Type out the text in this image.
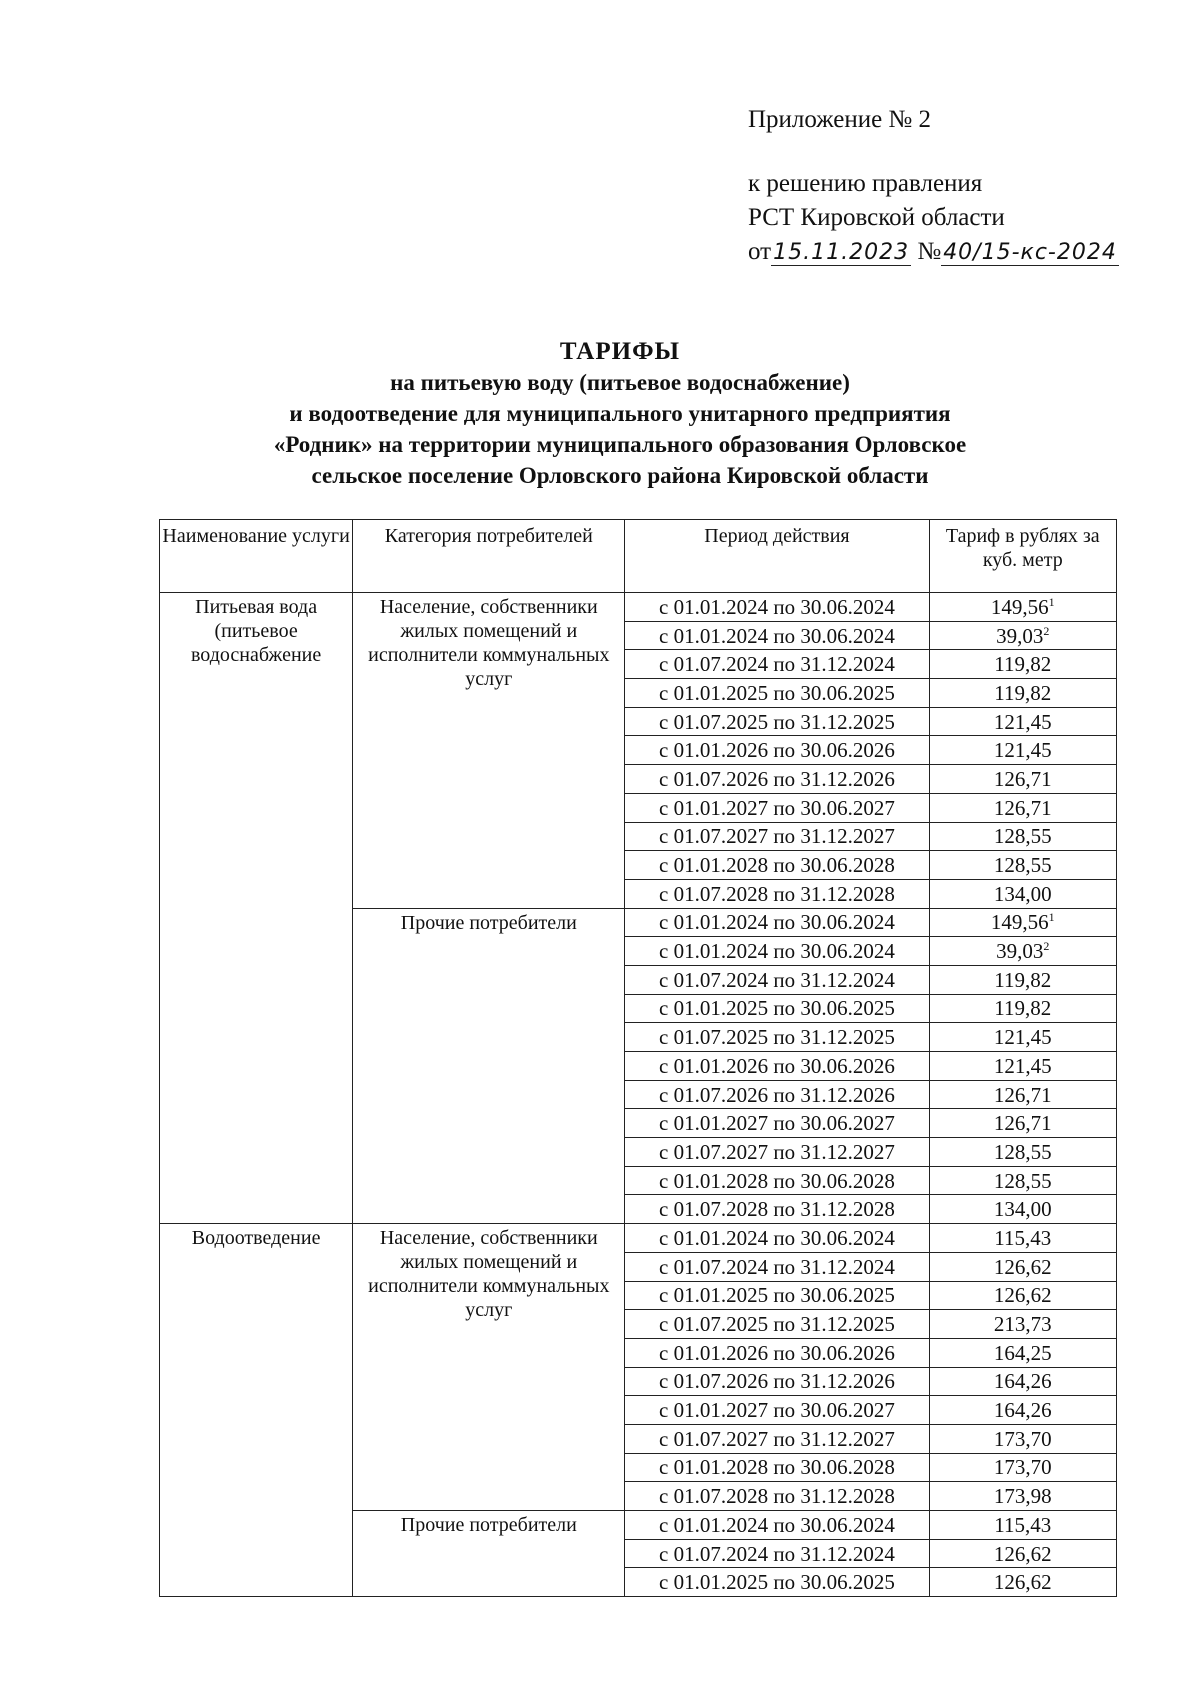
Приложение № 2
к решению правления
РСТ Кировской области
от15.11.2023 №40/15-кс-2024
ТАРИФЫ
на питьевую воду (питьевое водоснабжение)
и водоотведение для муниципального унитарного предприятия
«Родник» на территории муниципального образования Орловское
сельское поселение Орловского района Кировской области
Наименование услуги	Категория потребителей	Период действия	Тариф в рублях за куб. метр
Питьевая вода (питьевое водоснабжение	Население, собственники жилых помещений и исполнители коммунальных услуг	с 01.01.2024 по 30.06.2024	149,56$^1$
		с 01.01.2024 по 30.06.2024	39,03$^2$
		с 01.07.2024 по 31.12.2024	119,82
		с 01.01.2025 по 30.06.2025	119,82
		с 01.07.2025 по 31.12.2025	121,45
		с 01.01.2026 по 30.06.2026	121,45
		с 01.07.2026 по 31.12.2026	126,71
		с 01.01.2027 по 30.06.2027	126,71
		с 01.07.2027 по 31.12.2027	128,55
		с 01.01.2028 по 30.06.2028	128,55
		с 01.07.2028 по 31.12.2028	134,00
	Прочие потребители	с 01.01.2024 по 30.06.2024	149,56$^1$
		с 01.01.2024 по 30.06.2024	39,03$^2$
		с 01.07.2024 по 31.12.2024	119,82
		с 01.01.2025 по 30.06.2025	119,82
		с 01.07.2025 по 31.12.2025	121,45
		с 01.01.2026 по 30.06.2026	121,45
		с 01.07.2026 по 31.12.2026	126,71
		с 01.01.2027 по 30.06.2027	126,71
		с 01.07.2027 по 31.12.2027	128,55
		с 01.01.2028 по 30.06.2028	128,55
		с 01.07.2028 по 31.12.2028	134,00
Водоотведение	Население, собственники жилых помещений и исполнители коммунальных услуг	с 01.01.2024 по 30.06.2024	115,43
		с 01.07.2024 по 31.12.2024	126,62
		с 01.01.2025 по 30.06.2025	126,62
		с 01.07.2025 по 31.12.2025	213,73
		с 01.01.2026 по 30.06.2026	164,25
		с 01.07.2026 по 31.12.2026	164,26
		с 01.01.2027 по 30.06.2027	164,26
		с 01.07.2027 по 31.12.2027	173,70
		с 01.01.2028 по 30.06.2028	173,70
		с 01.07.2028 по 31.12.2028	173,98
	Прочие потребители	с 01.01.2024 по 30.06.2024	115,43
		с 01.07.2024 по 31.12.2024	126,62
		с 01.01.2025 по 30.06.2025	126,62
